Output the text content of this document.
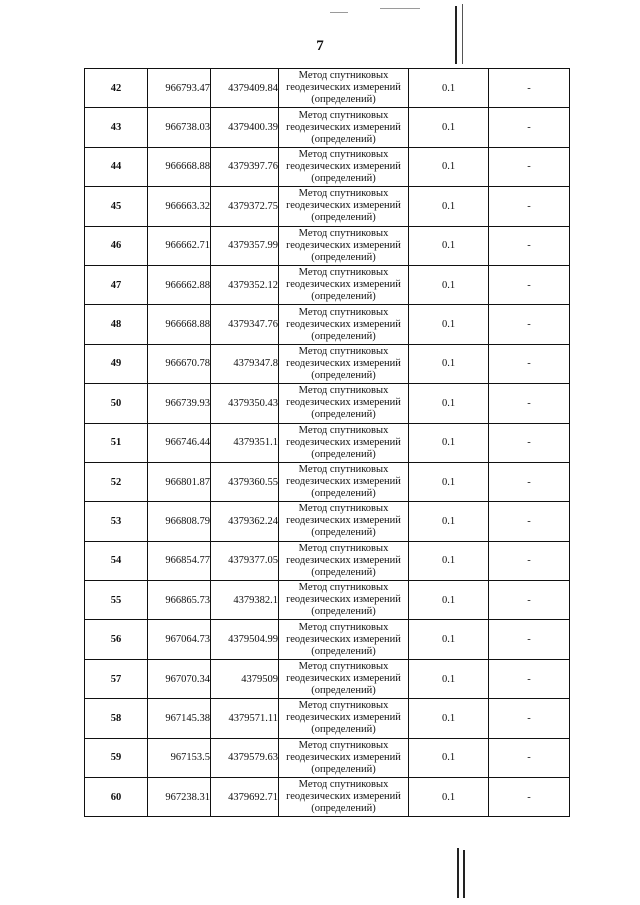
7
42	966793.47	4379409.84	Метод спутниковых
геодезических измерений
(определений)	0.1	-
43	966738.03	4379400.39	Метод спутниковых
геодезических измерений
(определений)	0.1	-
44	966668.88	4379397.76	Метод спутниковых
геодезических измерений
(определений)	0.1	-
45	966663.32	4379372.75	Метод спутниковых
геодезических измерений
(определений)	0.1	-
46	966662.71	4379357.99	Метод спутниковых
геодезических измерений
(определений)	0.1	-
47	966662.88	4379352.12	Метод спутниковых
геодезических измерений
(определений)	0.1	-
48	966668.88	4379347.76	Метод спутниковых
геодезических измерений
(определений)	0.1	-
49	966670.78	4379347.8	Метод спутниковых
геодезических измерений
(определений)	0.1	-
50	966739.93	4379350.43	Метод спутниковых
геодезических измерений
(определений)	0.1	-
51	966746.44	4379351.1	Метод спутниковых
геодезических измерений
(определений)	0.1	-
52	966801.87	4379360.55	Метод спутниковых
геодезических измерений
(определений)	0.1	-
53	966808.79	4379362.24	Метод спутниковых
геодезических измерений
(определений)	0.1	-
54	966854.77	4379377.05	Метод спутниковых
геодезических измерений
(определений)	0.1	-
55	966865.73	4379382.1	Метод спутниковых
геодезических измерений
(определений)	0.1	-
56	967064.73	4379504.99	Метод спутниковых
геодезических измерений
(определений)	0.1	-
57	967070.34	4379509	Метод спутниковых
геодезических измерений
(определений)	0.1	-
58	967145.38	4379571.11	Метод спутниковых
геодезических измерений
(определений)	0.1	-
59	967153.5	4379579.63	Метод спутниковых
геодезических измерений
(определений)	0.1	-
60	967238.31	4379692.71	Метод спутниковых
геодезических измерений
(определений)	0.1	-
